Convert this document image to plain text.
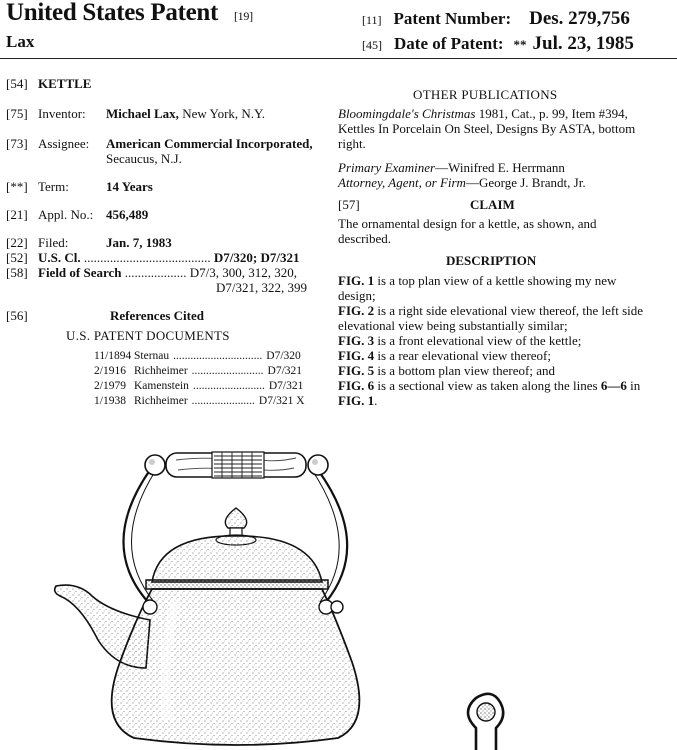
United States Patent [19]
Lax
[11] Patent Number: Des. 279,756
[45] Date of Patent: ** Jul. 23, 1985
[54] KETTLE
[75] Inventor: Michael Lax, New York, N.Y.
[73] Assignee: American Commercial Incorporated,
Secaucus, N.J.
[**] Term:	14 Years
[21] Appl. No.: 456,489
[22] Filed:	Jan. 7, 1983
[52] U.S. Cl. ....................................... D7/320; D7/321
[58] Field of Search ................... D7/3, 300, 312, 320,
D7/321, 322, 399
[56]	References Cited
U.S. PATENT DOCUMENTS
11/1894 Sternau ............................... D7/320
2/1916 Richheimer ......................... D7/321
2/1979 Kamenstein ......................... D7/321
1/1938 Richheimer ...................... D7/321 X
OTHER PUBLICATIONS
Bloomingdale's Christmas 1981, Cat., p. 99, Item #394, Kettles In Porcelain On Steel, Designs By ASTA, bottom right.
Primary Examiner—Winifred E. Herrmann
Attorney, Agent, or Firm—George J. Brandt, Jr.
[57]	CLAIM
The ornamental design for a kettle, as shown, and described.
DESCRIPTION
FIG. 1 is a top plan view of a kettle showing my new design;
FIG. 2 is a right side elevational view thereof, the left side elevational view being substantially similar;
FIG. 3 is a front elevational view of the kettle;
FIG. 4 is a rear elevational view thereof;
FIG. 5 is a bottom plan view thereof; and
FIG. 6 is a sectional view as taken along the lines 6—6 in FIG. 1.
